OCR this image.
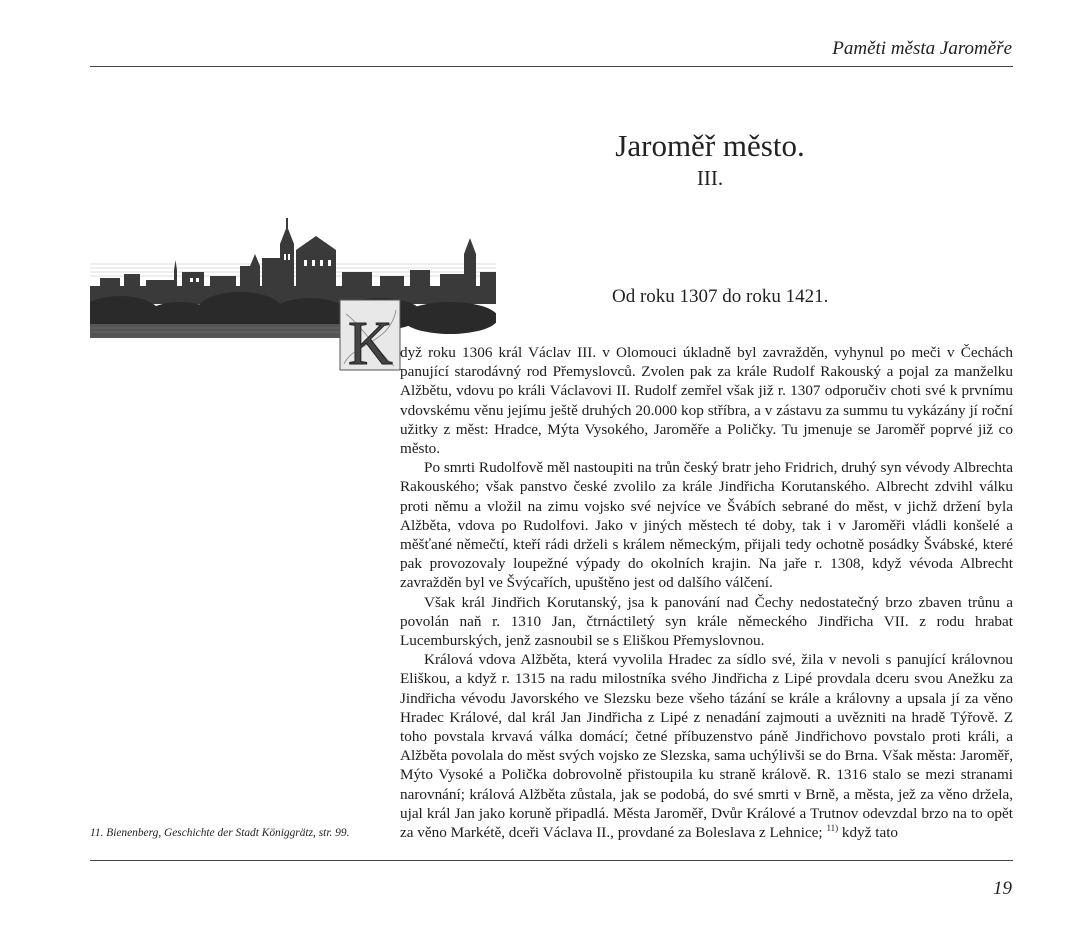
Paměti města Jaroměře
Jaroměř město.
III.
Od roku 1307 do roku 1421.
K dyž roku 1306 král Václav III. v Olomouci úkladně byl zavražděn, vyhynul po meči v Čechách panující starodávný rod Přemyslovců. Zvolen pak za krále Rudolf Rakouský a pojal za manželku Alžbětu, vdovu po králi Václavovi II. Rudolf zemřel však již r. 1307 odporučiv choti své k prvnímu vdovskému věnu jejímu ještě druhých 20.000 kop stříbra, a v zástavu za summu tu vykázány jí roční užitky z měst: Hradce, Mýta Vysokého, Jaroměře a Poličky. Tu jmenuje se Jaroměř poprvé již co město.

Po smrti Rudolfově měl nastoupiti na trůn český bratr jeho Fridrich, druhý syn vévody Albrechta Rakouského; však panstvo české zvolilo za krále Jindřicha Korutanského. Albrecht zdvihl válku proti němu a vložil na zimu vojsko své nejvíce ve Švábích sebrané do měst, v jichž držení byla Alžběta, vdova po Rudolfovi. Jako v jiných městech té doby, tak i v Jaroměři vládli konšelé a měšťané němečtí, kteří rádi drželi s králem německým, přijali tedy ochotně posádky Švábské, které pak provozovaly loupežné výpady do okolních krajin. Na jaře r. 1308, když vévoda Albrecht zavražděn byl ve Švýcařích, upuštěno jest od dalšího válčení.

Však král Jindřich Korutanský, jsa k panování nad Čechy nedostatečný brzo zbaven trůnu a povolán naň r. 1310 Jan, čtrnáctiletý syn krále německého Jindřicha VII. z rodu hrabat Lucemburských, jenž zasnoubil se s Eliškou Přemyslovnou.

Králová vdova Alžběta, která vyvolila Hradec za sídlo své, žila v nevoli s panující královnou Eliškou, a když r. 1315 na radu milostníka svého Jindřicha z Lipé provdala dceru svou Anežku za Jindřicha vévodu Javorského ve Slezsku beze všeho tázání se krále a královny a upsala jí za věno Hradec Králové, dal král Jan Jindřicha z Lipé z nenadání zajmouti a uvězniti na hradě Týřově. Z toho povstala krvavá válka domácí; četné příbuzenstvo páně Jindřichovo povstalo proti králi, a Alžběta povolala do měst svých vojsko ze Slezska, sama uchýlivši se do Brna. Však města: Jaroměř, Mýto Vysoké a Polička dobrovolně přistoupila ku straně králově. R. 1316 stalo se mezi stranami narovnání; králová Alžběta zůstala, jak se podobá, do své smrti v Brně, a města, jež za věno držela, ujal král Jan jako koruně připadlá. Města Jaroměř, Dvůr Králové a Trutnov odevzdal brzo na to opět za věno Markétě, dceři Václava II., provdané za Boleslava z Lehnice; $^{11)}$ když tato

11. Bienenberg, Geschichte der Stadt Königgrätz, str. 99.
19
